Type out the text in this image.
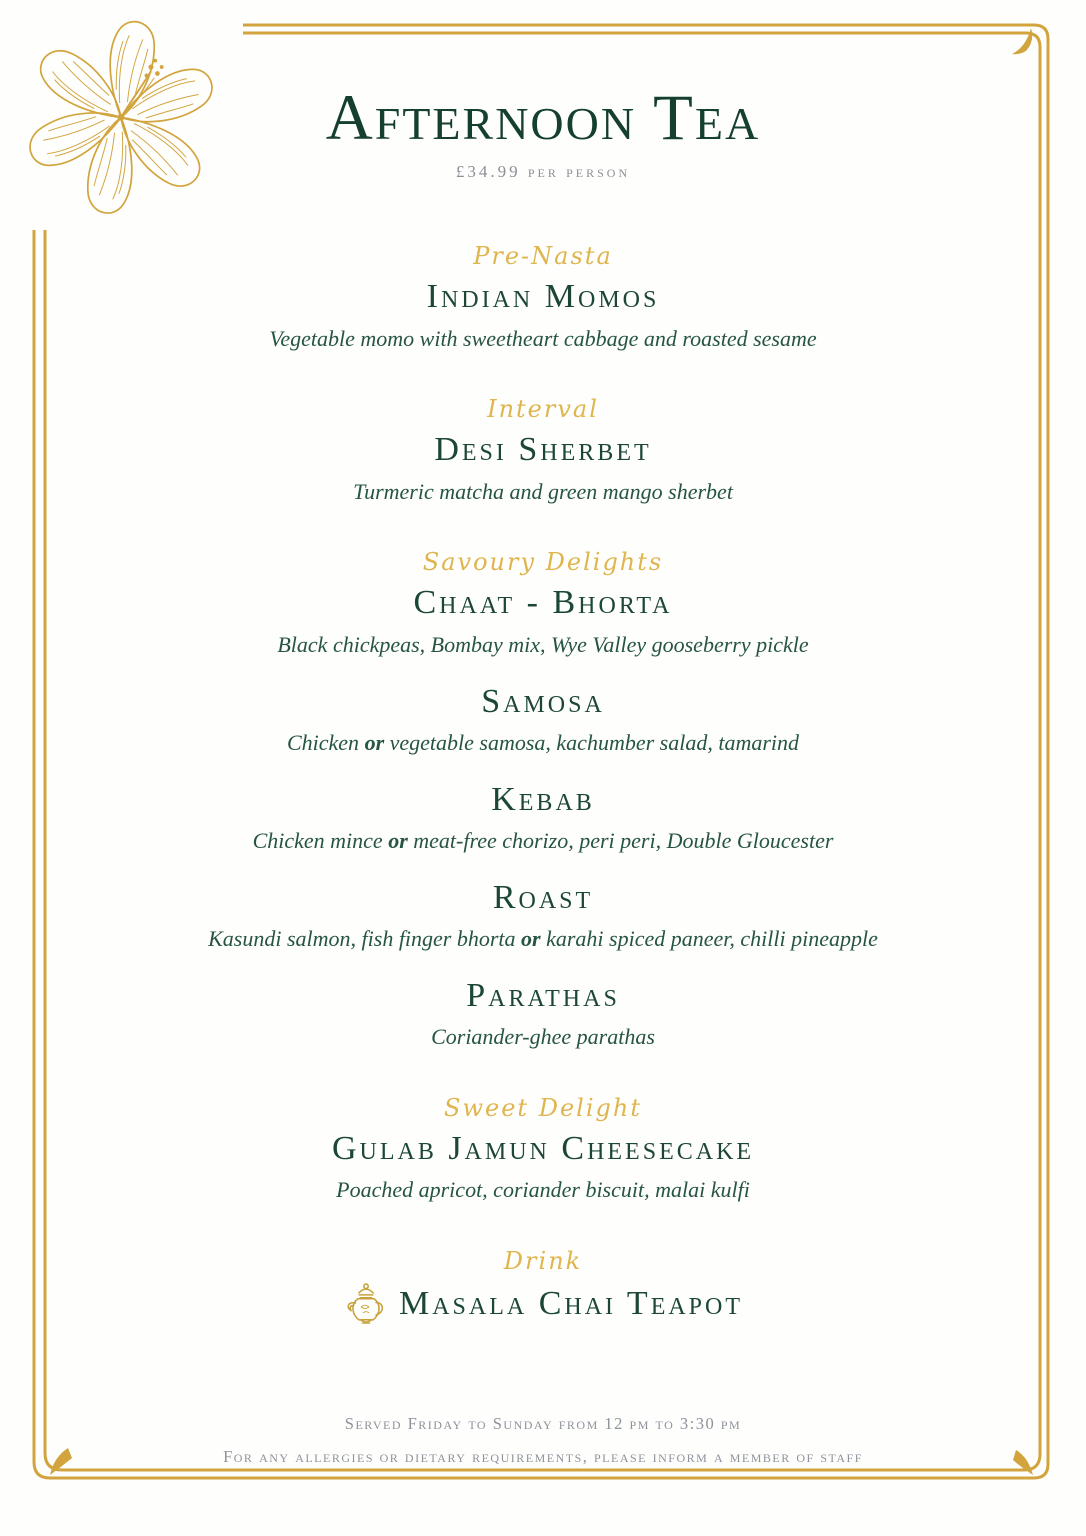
Afternoon Tea
£34.99 per person
Pre-Nasta
Indian Momos

Vegetable momo with sweetheart cabbage and roasted sesame

Interval
Desi Sherbet

Turmeric matcha and green mango sherbet

Savoury Delights
Chaat - Bhorta

Black chickpeas, Bombay mix, Wye Valley gooseberry pickle

Samosa

Chicken or vegetable samosa, kachumber salad, tamarind

Kebab

Chicken mince or meat-free chorizo, peri peri, Double Gloucester

Roast

Kasundi salmon, fish finger bhorta or karahi spiced paneer, chilli pineapple

Parathas

Coriander-ghee parathas

Sweet Delight
Gulab Jamun Cheesecake

Poached apricot, coriander biscuit, malai kulfi

Drink
Masala Chai Teapot

Served Friday to Sunday from 12 pm to 3:30 pm

For any allergies or dietary requirements, please inform a member of staff
